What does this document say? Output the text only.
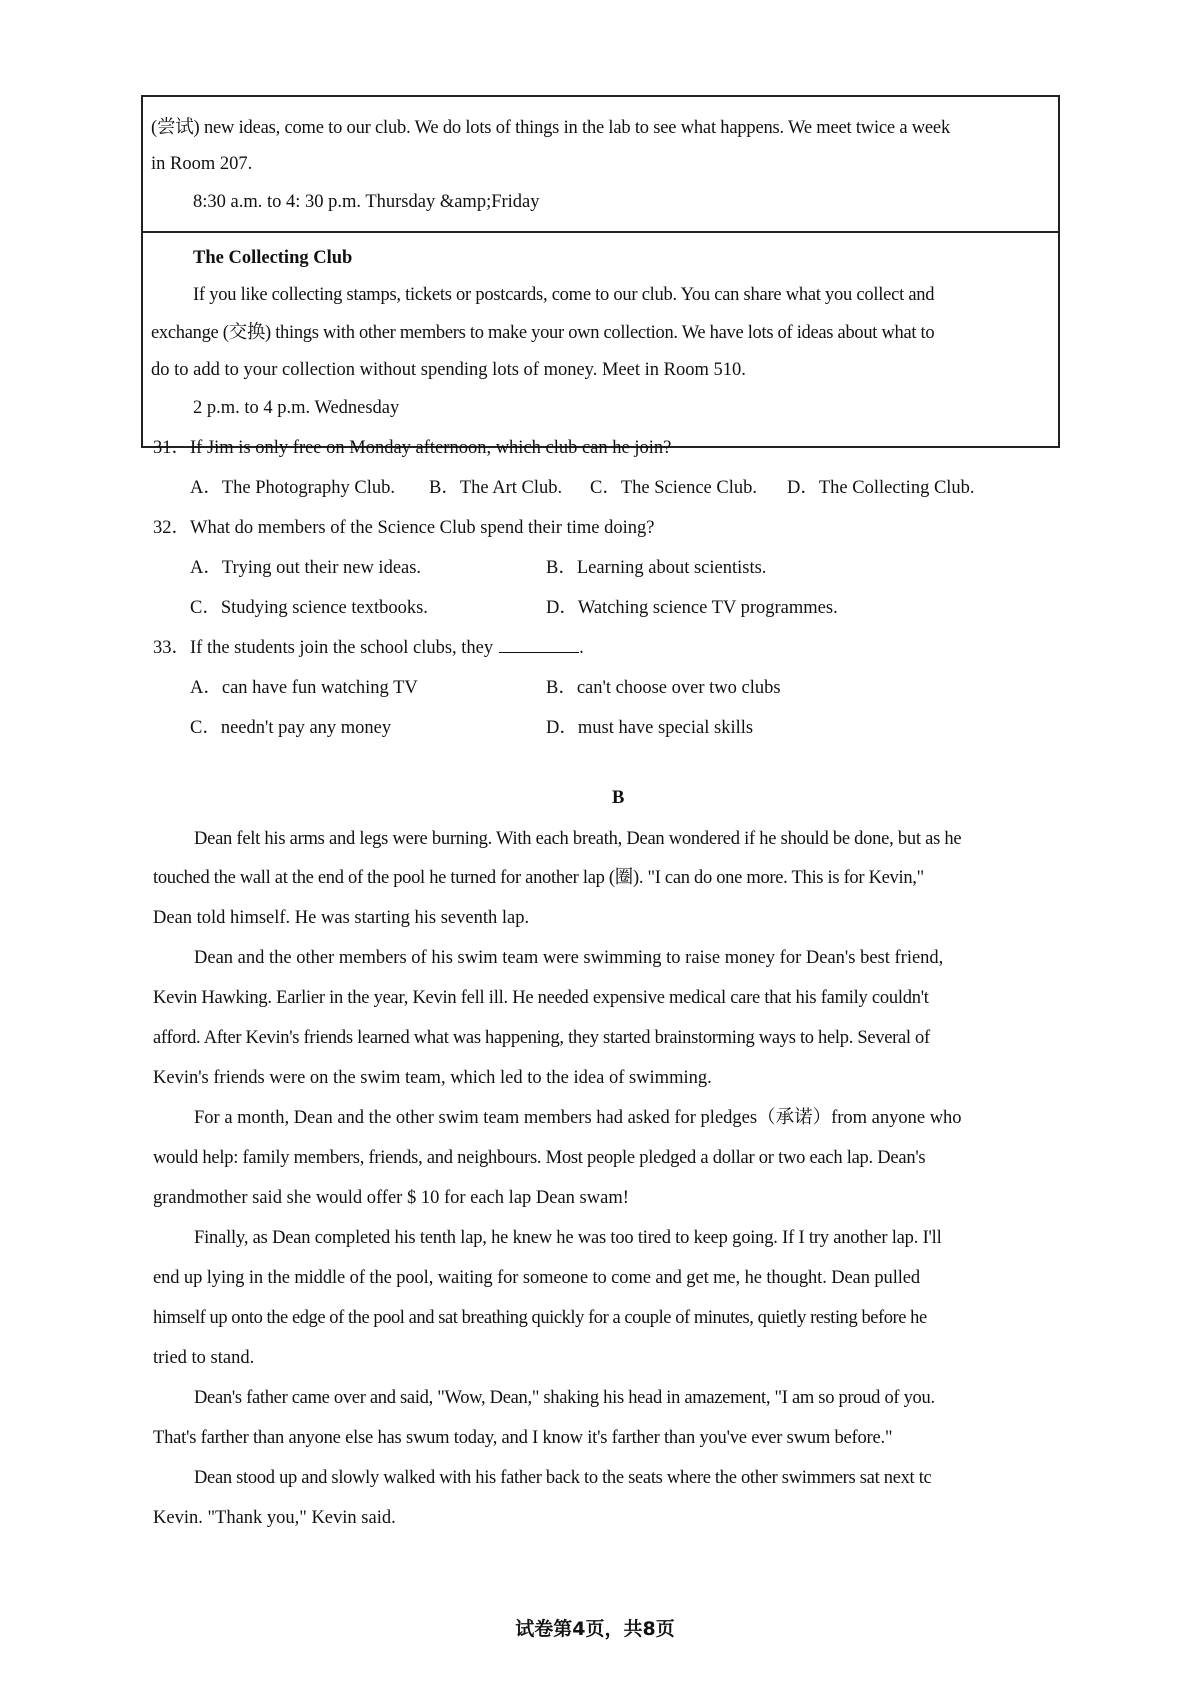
(尝试) new ideas, come to our club. We do lots of things in the lab to see what happens. We meet twice a week
in Room 207.
8:30 a.m. to 4: 30 p.m. Thursday &amp;Friday
The Collecting Club
If you like collecting stamps, tickets or postcards, come to our club. You can share what you collect and
exchange (交换) things with other members to make your own collection. We have lots of ideas about what to
do to add to your collection without spending lots of money. Meet in Room 510.
2 p.m. to 4 p.m. Wednesday
31．If Jim is only free on Monday afternoon, which club can he join?
A．The Photography Club. B．The Art Club. C．The Science Club. D．The Collecting Club.
32．What do members of the Science Club spend their time doing?
A．Trying out their new ideas.	B．Learning about scientists.
C．Studying science textbooks.	D．Watching science TV programmes.
33．If the students join the school clubs, they	.
A．can have fun watching TV	B．can't choose over two clubs
C．needn't pay any money	D．must have special skills
B
Dean felt his arms and legs were burning. With each breath, Dean wondered if he should be done, but as he
touched the wall at the end of the pool he turned for another lap (圈). "I can do one more. This is for Kevin,"
Dean told himself. He was starting his seventh lap.
Dean and the other members of his swim team were swimming to raise money for Dean's best friend,
Kevin Hawking. Earlier in the year, Kevin fell ill. He needed expensive medical care that his family couldn't
afford. After Kevin's friends learned what was happening, they started brainstorming ways to help. Several of
Kevin's friends were on the swim team, which led to the idea of swimming.
For a month, Dean and the other swim team members had asked for pledges（承诺）from anyone who
would help: family members, friends, and neighbours. Most people pledged a dollar or two each lap. Dean's
grandmother said she would offer $ 10 for each lap Dean swam!
Finally, as Dean completed his tenth lap, he knew he was too tired to keep going. If I try another lap. I'll
end up lying in the middle of the pool, waiting for someone to come and get me, he thought. Dean pulled
himself up onto the edge of the pool and sat breathing quickly for a couple of minutes, quietly resting before he
tried to stand.
Dean's father came over and said, "Wow, Dean," shaking his head in amazement, "I am so proud of you.
That's farther than anyone else has swum today, and I know it's farther than you've ever swum before."
Dean stood up and slowly walked with his father back to the seats where the other swimmers sat next tc
Kevin. "Thank you," Kevin said.
试卷第4页，共8页
